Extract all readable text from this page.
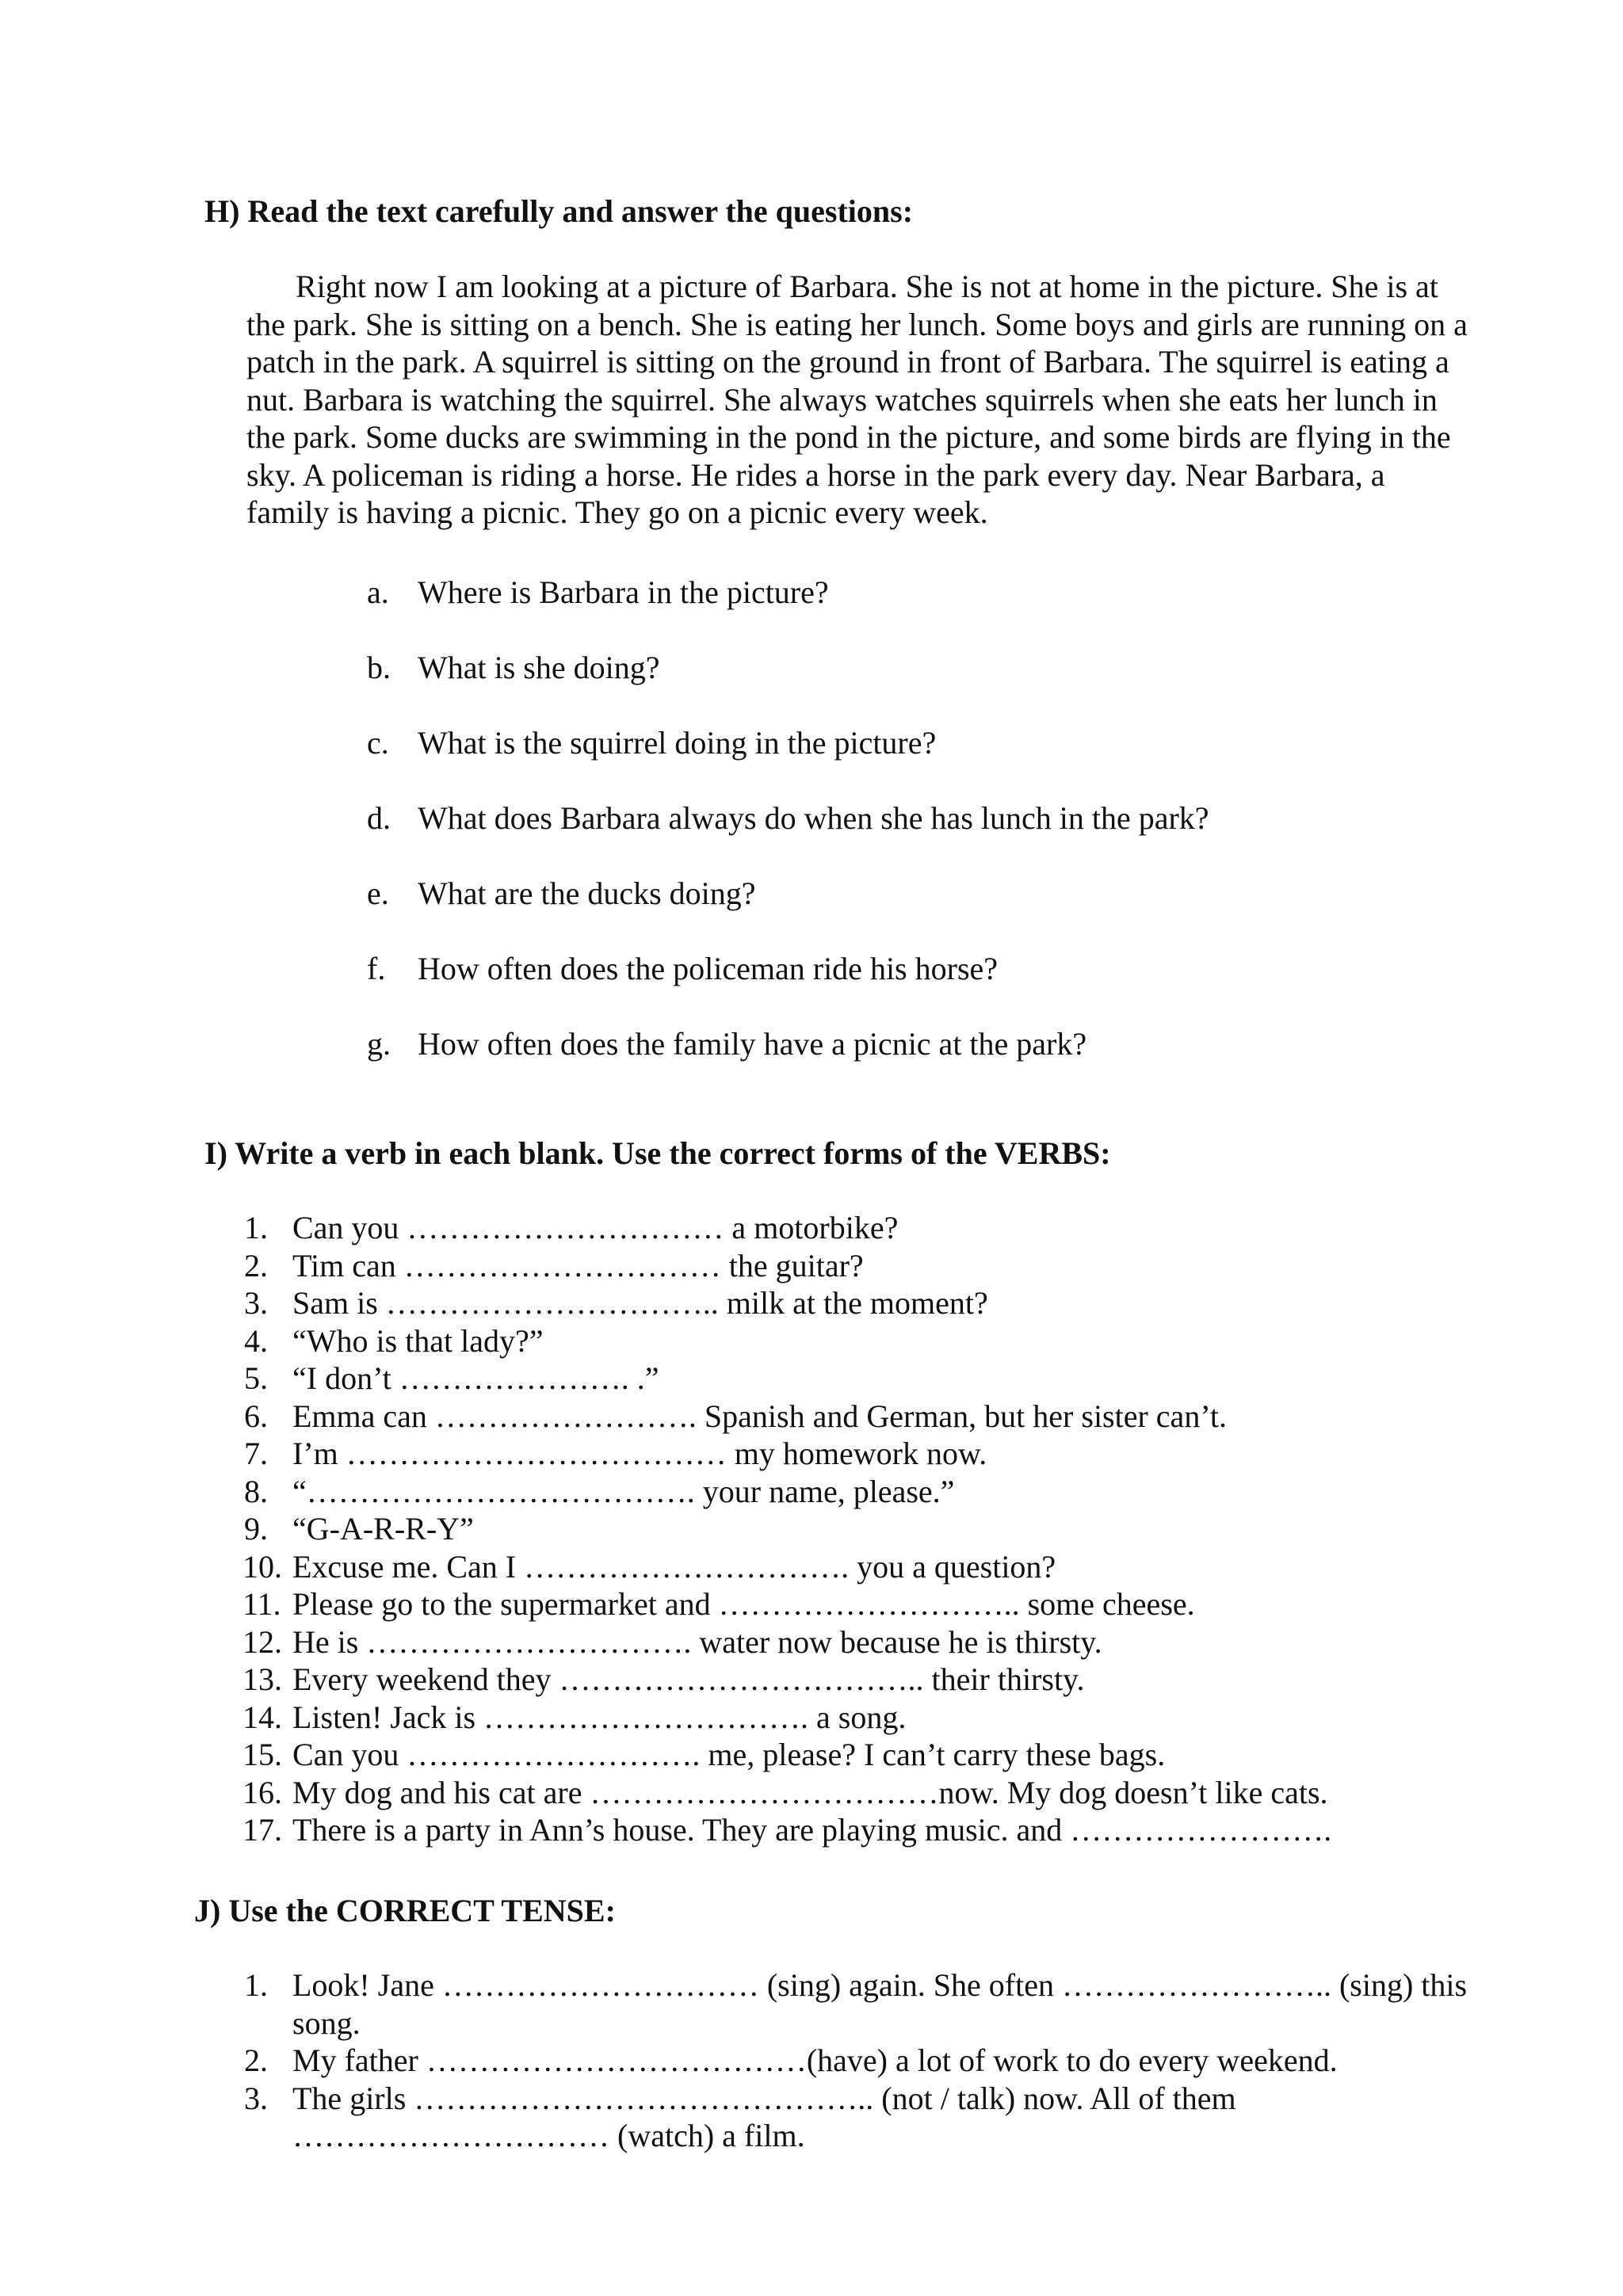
H) Read the text carefully and answer the questions:

Right now I am looking at a picture of Barbara. She is not at home in the picture. She is at the park. She is sitting on a bench. She is eating her lunch. Some boys and girls are running on a patch in the park. A squirrel is sitting on the ground in front of Barbara. The squirrel is eating a nut. Barbara is watching the squirrel. She always watches squirrels when she eats her lunch in the park. Some ducks are swimming in the pond in the picture, and some birds are flying in the sky. A policeman is riding a horse. He rides a horse in the park every day. Near Barbara, a family is having a picnic. They go on a picnic every week.

a. Where is Barbara in the picture?
b. What is she doing?
c. What is the squirrel doing in the picture?
d. What does Barbara always do when she has lunch in the park?
e. What are the ducks doing?
f. How often does the policeman ride his horse?
g. How often does the family have a picnic at the park?
I) Write a verb in each blank. Use the correct forms of the VERBS:
1. Can you ………………………… a motorbike?
2. Tim can ………………………… the guitar?
3. Sam is ………………………….. milk at the moment?
4. “Who is that lady?”
5. “I don’t …………………. .”
6. Emma can ……………………. Spanish and German, but her sister can’t.
7. I’m ……………………………… my homework now.
8. “………………………………. your name, please.”
9. “G-A-R-R-Y”
10. Excuse me. Can I …………………………. you a question?
11. Please go to the supermarket and ……………………….. some cheese.
12. He is …………………………. water now because he is thirsty.
13. Every weekend they …………………………….. their thirsty.
14. Listen! Jack is …………………………. a song.
15. Can you ………………………. me, please? I can’t carry these bags.
16. My dog and his cat are ……………………………now. My dog doesn’t like cats.
17. There is a party in Ann’s house. They are playing music. and …………………….
J) Use the CORRECT TENSE:
1. Look! Jane ………………………… (sing) again. She often …………………….. (sing) this song.
2. My father ………………………………(have) a lot of work to do every weekend.
3. The girls …………………………………….. (not / talk) now. All of them ………………………… (watch) a film.
